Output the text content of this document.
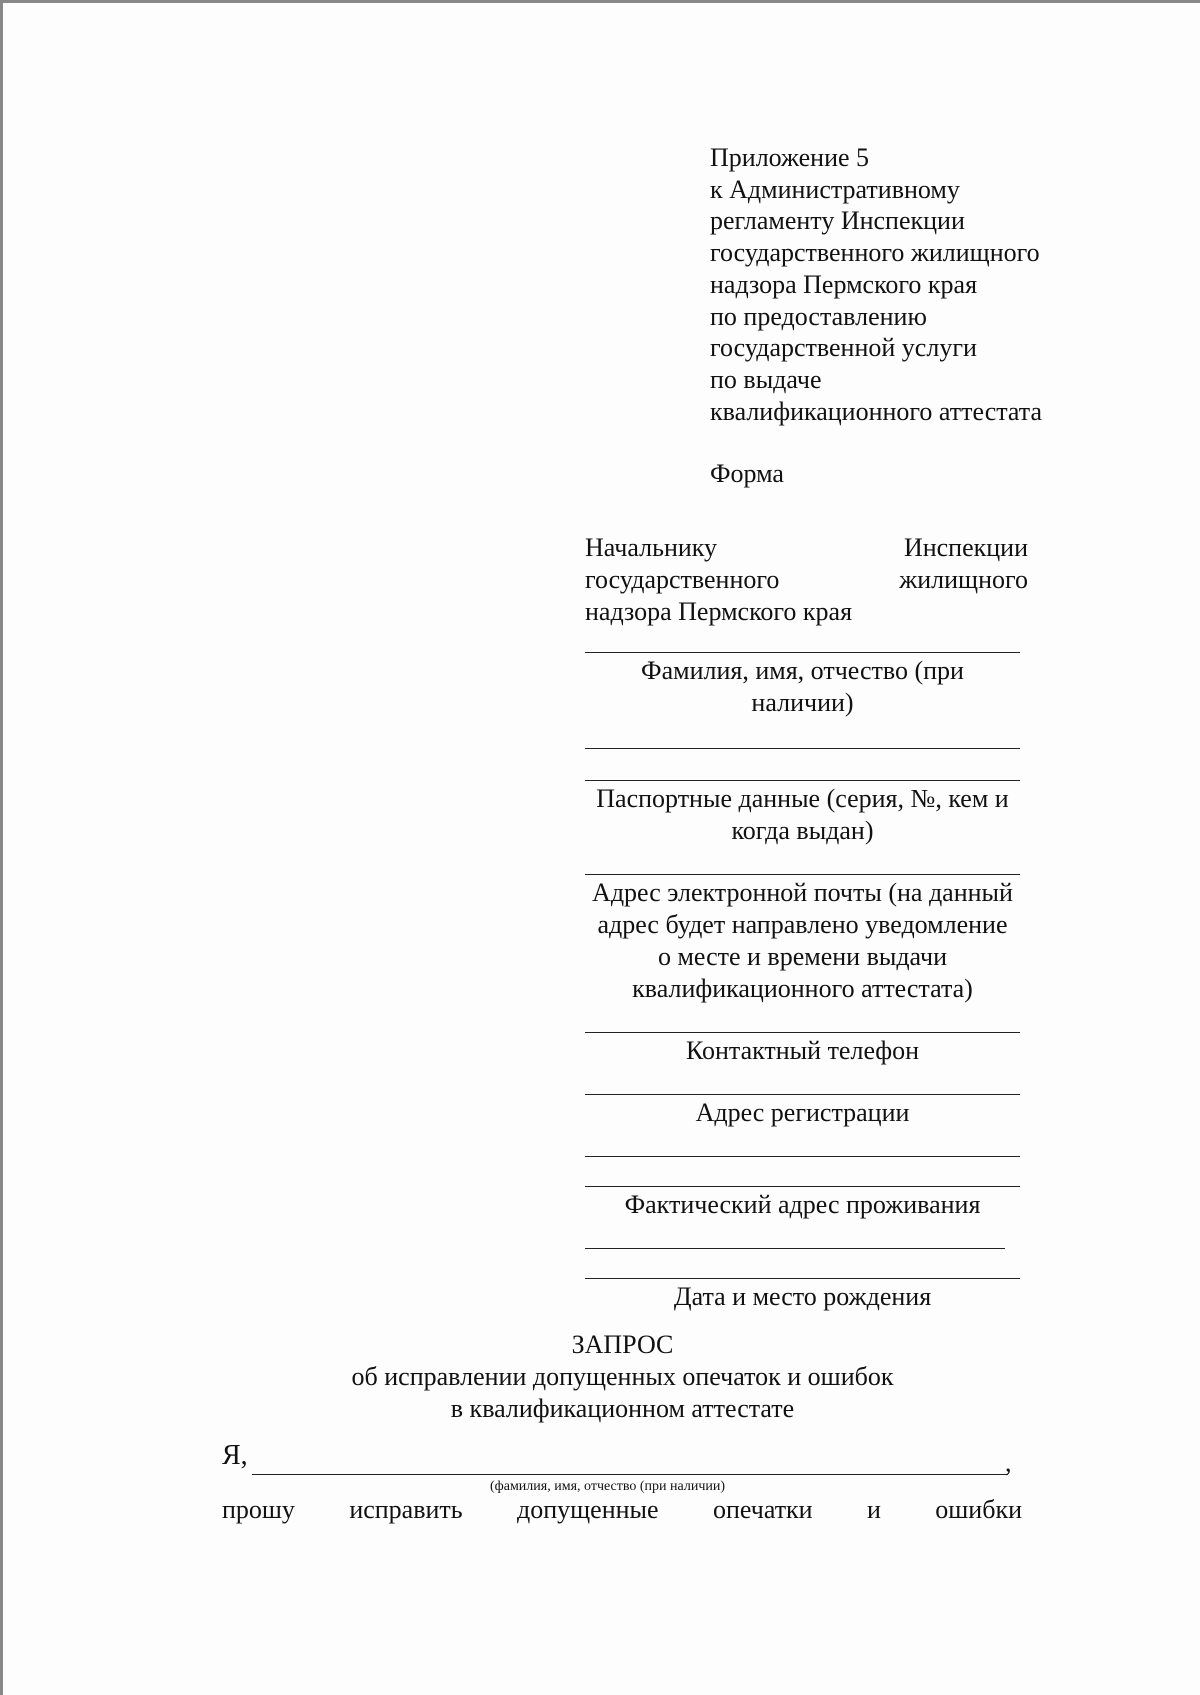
Приложение 5
к Административному
регламенту Инспекции
государственного жилищного
надзора Пермского края
по предоставлению
государственной услуги
по выдаче
квалификационного аттестата
Форма
Начальнику	Инспекции
государственного	жилищного
надзора Пермского края
Фамилия, имя, отчество (при
наличии)
Паспортные данные (серия, №, кем и
когда выдан)
Адрес электронной почты (на данный
адрес будет направлено уведомление
о месте и времени выдачи
квалификационного аттестата)
Контактный телефон
Адрес регистрации
Фактический адрес проживания
Дата и место рождения
ЗАПРОС
об исправлении допущенных опечаток и ошибок
в квалификационном аттестате
Я,	,
(фамилия, имя, отчество (при наличии)
прошу исправить допущенные опечатки и ошибки
